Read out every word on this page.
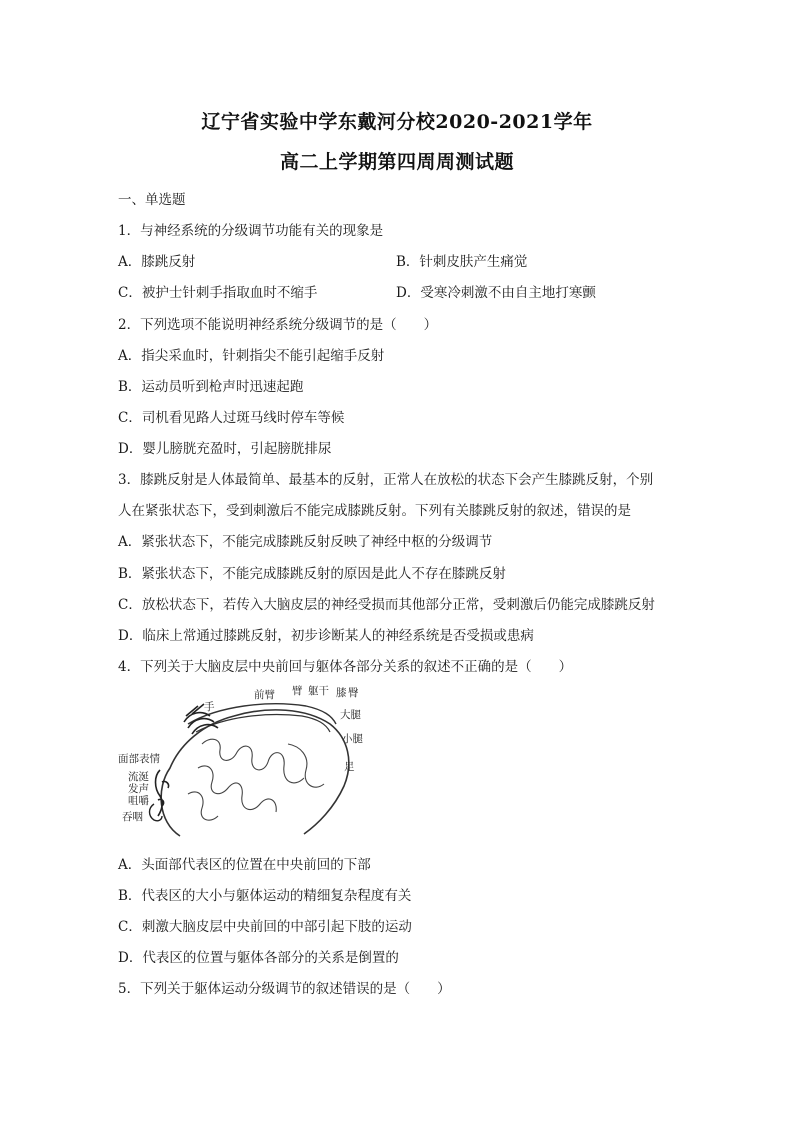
辽宁省实验中学东戴河分校2020-2021学年
高二上学期第四周周测试题
一、单选题
1．与神经系统的分级调节功能有关的现象是
A．膝跳反射	B．针刺皮肤产生痛觉
C．被护士针刺手指取血时不缩手	D．受寒冷刺激不由自主地打寒颤
2．下列选项不能说明神经系统分级调节的是（　　）
A．指尖采血时，针刺指尖不能引起缩手反射
B．运动员听到枪声时迅速起跑
C．司机看见路人过斑马线时停车等候
D．婴儿膀胱充盈时，引起膀胱排尿
3．膝跳反射是人体最简单、最基本的反射，正常人在放松的状态下会产生膝跳反射，个别
人在紧张状态下，受到刺激后不能完成膝跳反射。下列有关膝跳反射的叙述，错误的是
A．紧张状态下，不能完成膝跳反射反映了神经中枢的分级调节
B．紧张状态下，不能完成膝跳反射的原因是此人不存在膝跳反射
C．放松状态下，若传入大脑皮层的神经受损而其他部分正常，受刺激后仍能完成膝跳反射
D．临床上常通过膝跳反射，初步诊断某人的神经系统是否受损或患病
4．下列关于大脑皮层中央前回与躯体各部分关系的叙述不正确的是（　　）
手
前臂 臂 躯干 膝 臀
大腿
小腿
足
面部表情
流涎
发声
咀嚼
吞咽
A．头面部代表区的位置在中央前回的下部
B．代表区的大小与躯体运动的精细复杂程度有关
C．刺激大脑皮层中央前回的中部引起下肢的运动
D．代表区的位置与躯体各部分的关系是倒置的
5．下列关于躯体运动分级调节的叙述错误的是（　　）
